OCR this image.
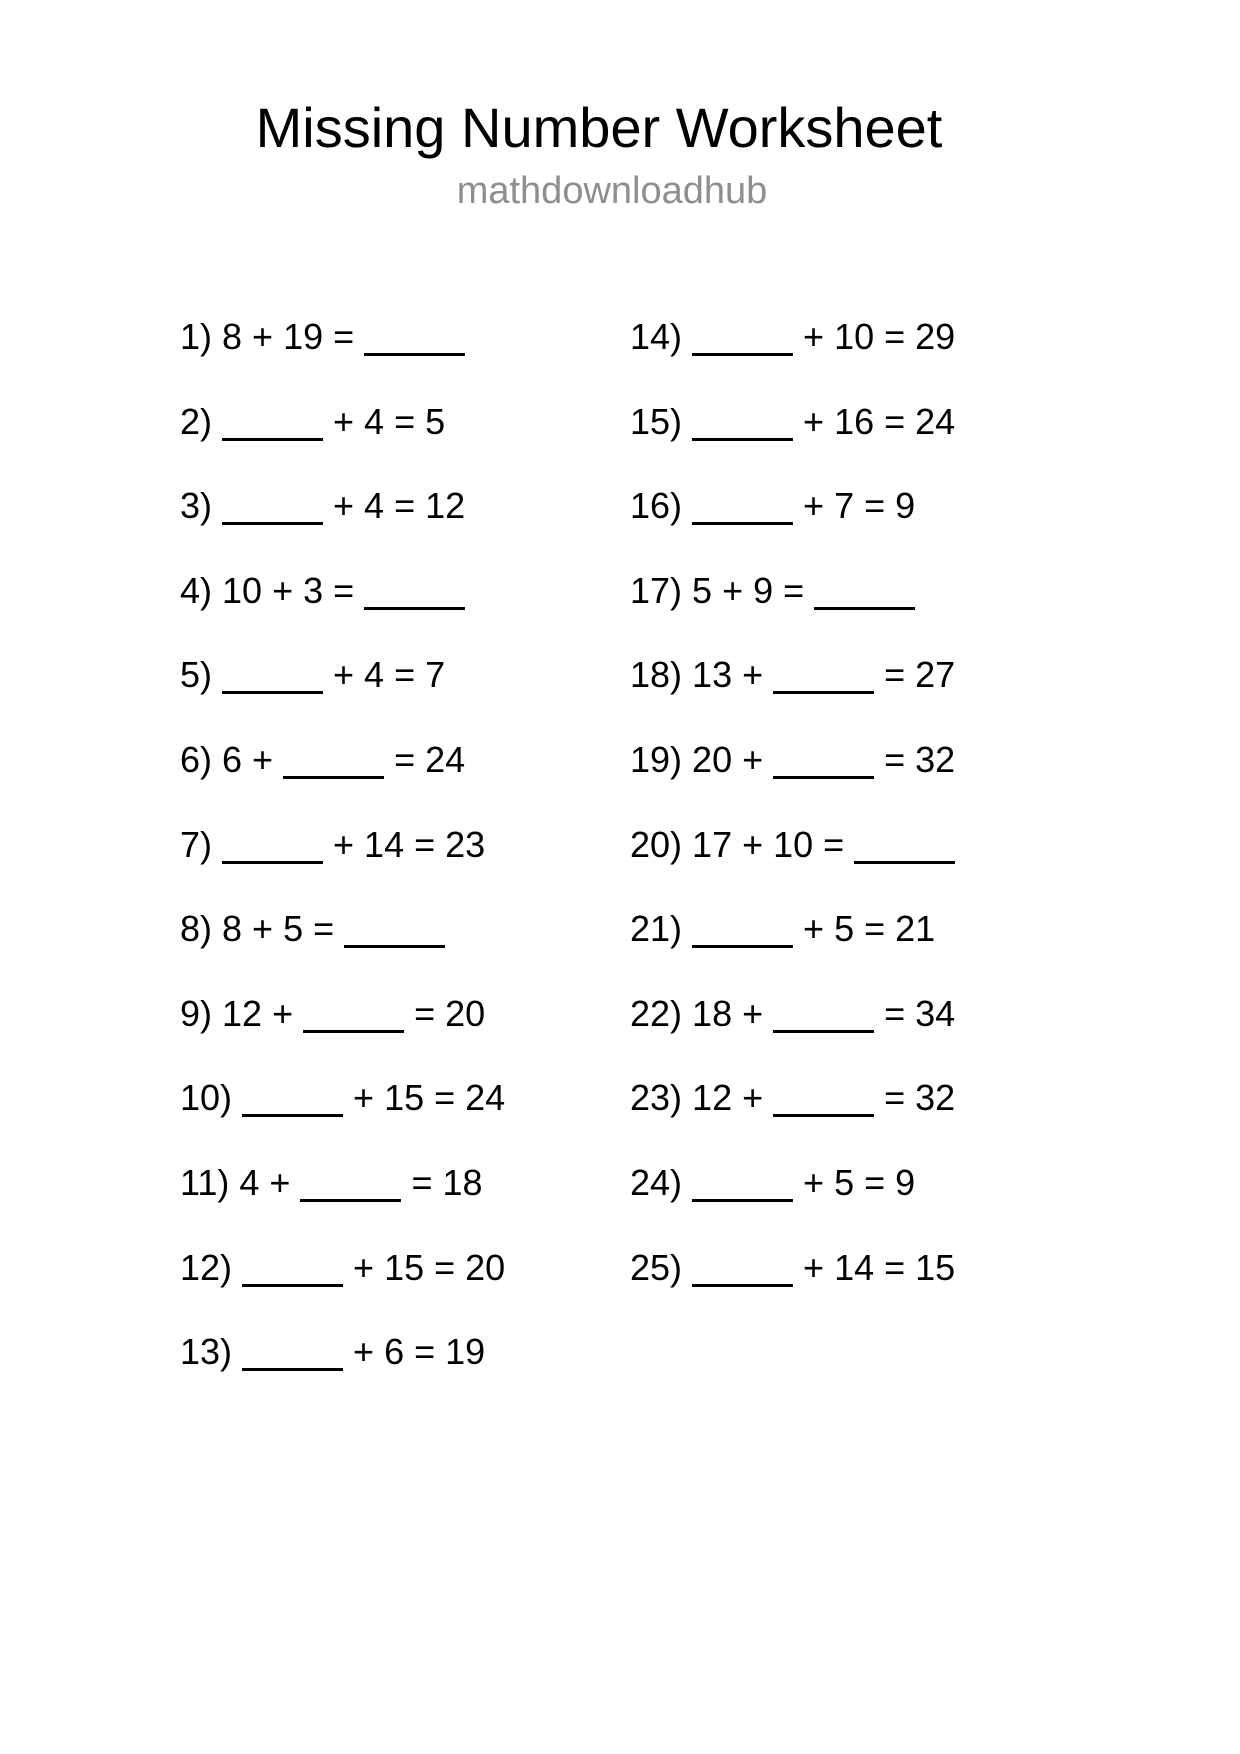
Missing Number Worksheet
mathdownloadhub
1) 8 + 19 =
2)	+ 4 = 5
3)	+ 4 = 12
4) 10 + 3 =
5)	+ 4 = 7
6) 6 +	= 24
7)	+ 14 = 23
8) 8 + 5 =
9) 12 +	= 20
10)	+ 15 = 24
11) 4 +	= 18
12)	+ 15 = 20
13)	+ 6 = 19
14)	+ 10 = 29
15)	+ 16 = 24
16)	+ 7 = 9
17) 5 + 9 =
18) 13 +	= 27
19) 20 +	= 32
20) 17 + 10 =
21)	+ 5 = 21
22) 18 +	= 34
23) 12 +	= 32
24)	+ 5 = 9
25)	+ 14 = 15
